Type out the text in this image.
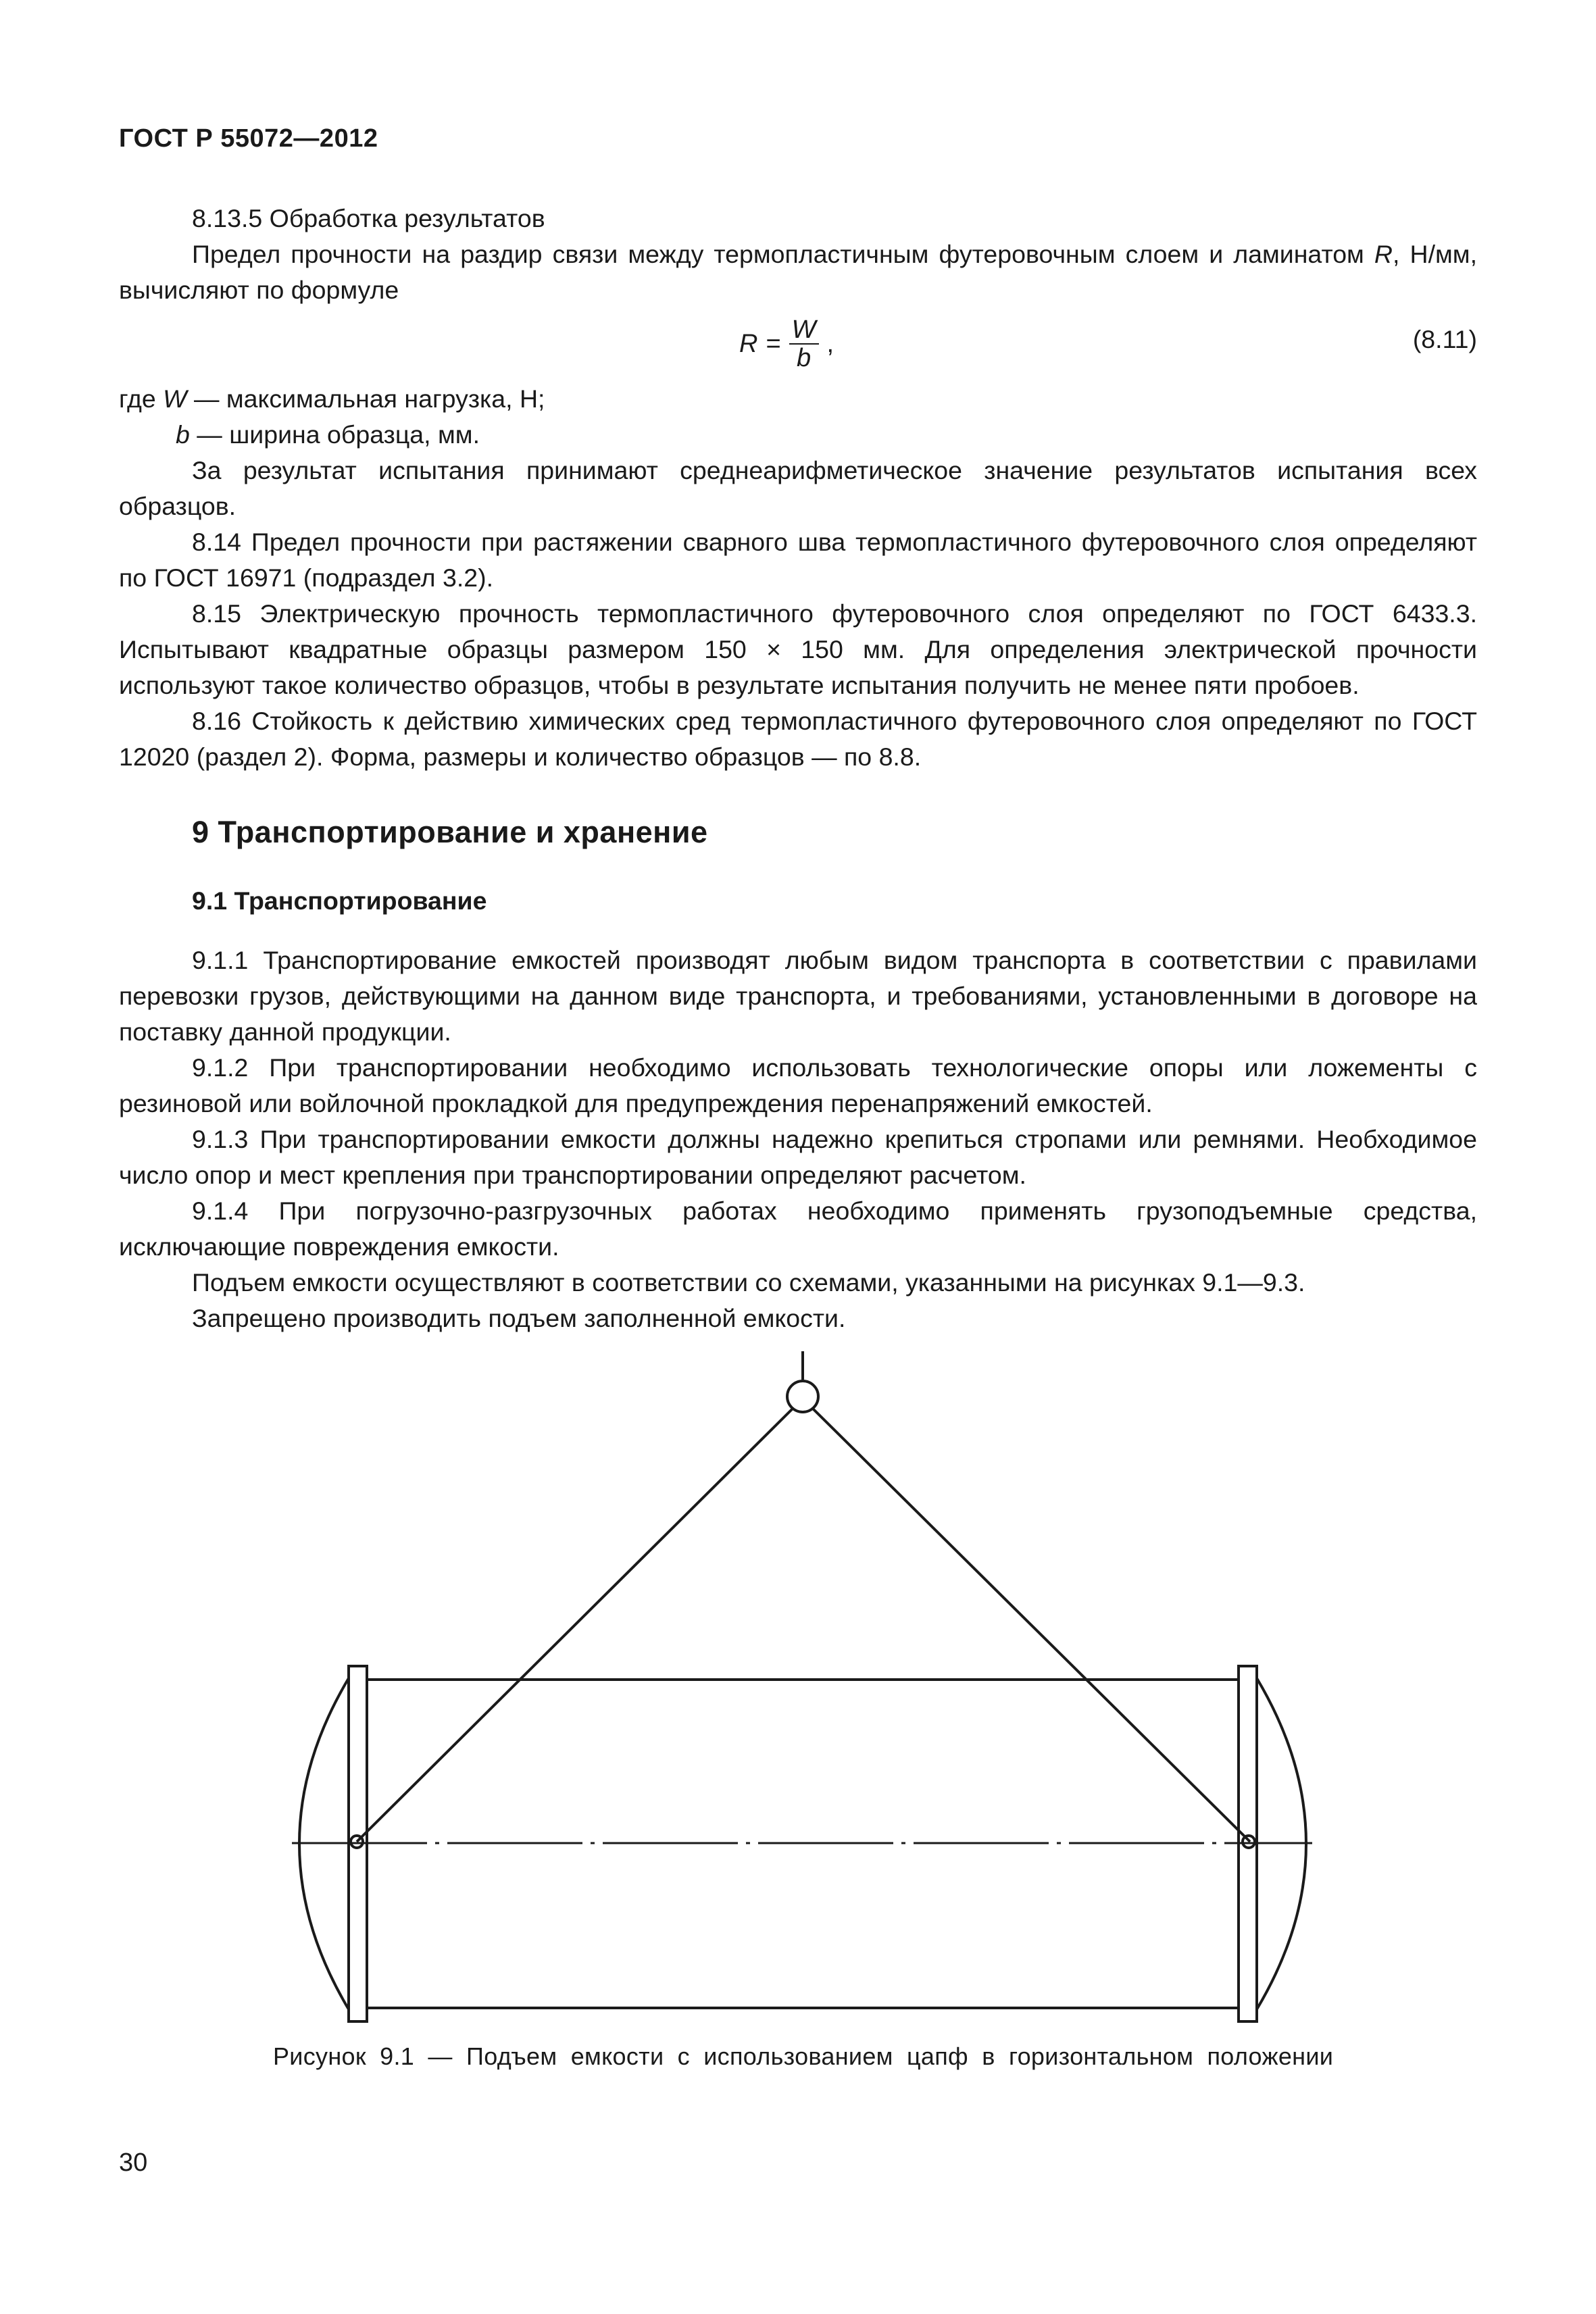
ГОСТ Р 55072—2012

8.13.5 Обработка результатов

Предел прочности на раздир связи между термопластичным футеровочным слоем и ламинатом R, Н/мм, вычисляют по формуле

$R = \frac{W}{b}$ ,	(8.11)

где W — максимальная нагрузка, Н;

b — ширина образца, мм.

За результат испытания принимают среднеарифметическое значение результатов испытания всех образцов.

8.14 Предел прочности при растяжении сварного шва термопластичного футеровочного слоя определяют по ГОСТ 16971 (подраздел 3.2).

8.15 Электрическую прочность термопластичного футеровочного слоя определяют по ГОСТ 6433.3. Испытывают квадратные образцы размером 150 × 150 мм. Для определения электрической прочности используют такое количество образцов, чтобы в результате испытания получить не менее пяти пробоев.

8.16 Стойкость к действию химических сред термопластичного футеровочного слоя определяют по ГОСТ 12020 (раздел 2). Форма, размеры и количество образцов — по 8.8.

9 Транспортирование и хранение
9.1 Транспортирование

9.1.1 Транспортирование емкостей производят любым видом транспорта в соответствии с правилами перевозки грузов, действующими на данном виде транспорта, и требованиями, установленными в договоре на поставку данной продукции.

9.1.2 При транспортировании необходимо использовать технологические опоры или ложементы с резиновой или войлочной прокладкой для предупреждения перенапряжений емкостей.

9.1.3 При транспортировании емкости должны надежно крепиться стропами или ремнями. Необходимое число опор и мест крепления при транспортировании определяют расчетом.

9.1.4 При погрузочно-разгрузочных работах необходимо применять грузоподъемные средства, исключающие повреждения емкости.

Подъем емкости осуществляют в соответствии со схемами, указанными на рисунках 9.1—9.3.

Запрещено производить подъем заполненной емкости.

Рисунок 9.1 — Подъем емкости с использованием цапф в горизонтальном положении
30
